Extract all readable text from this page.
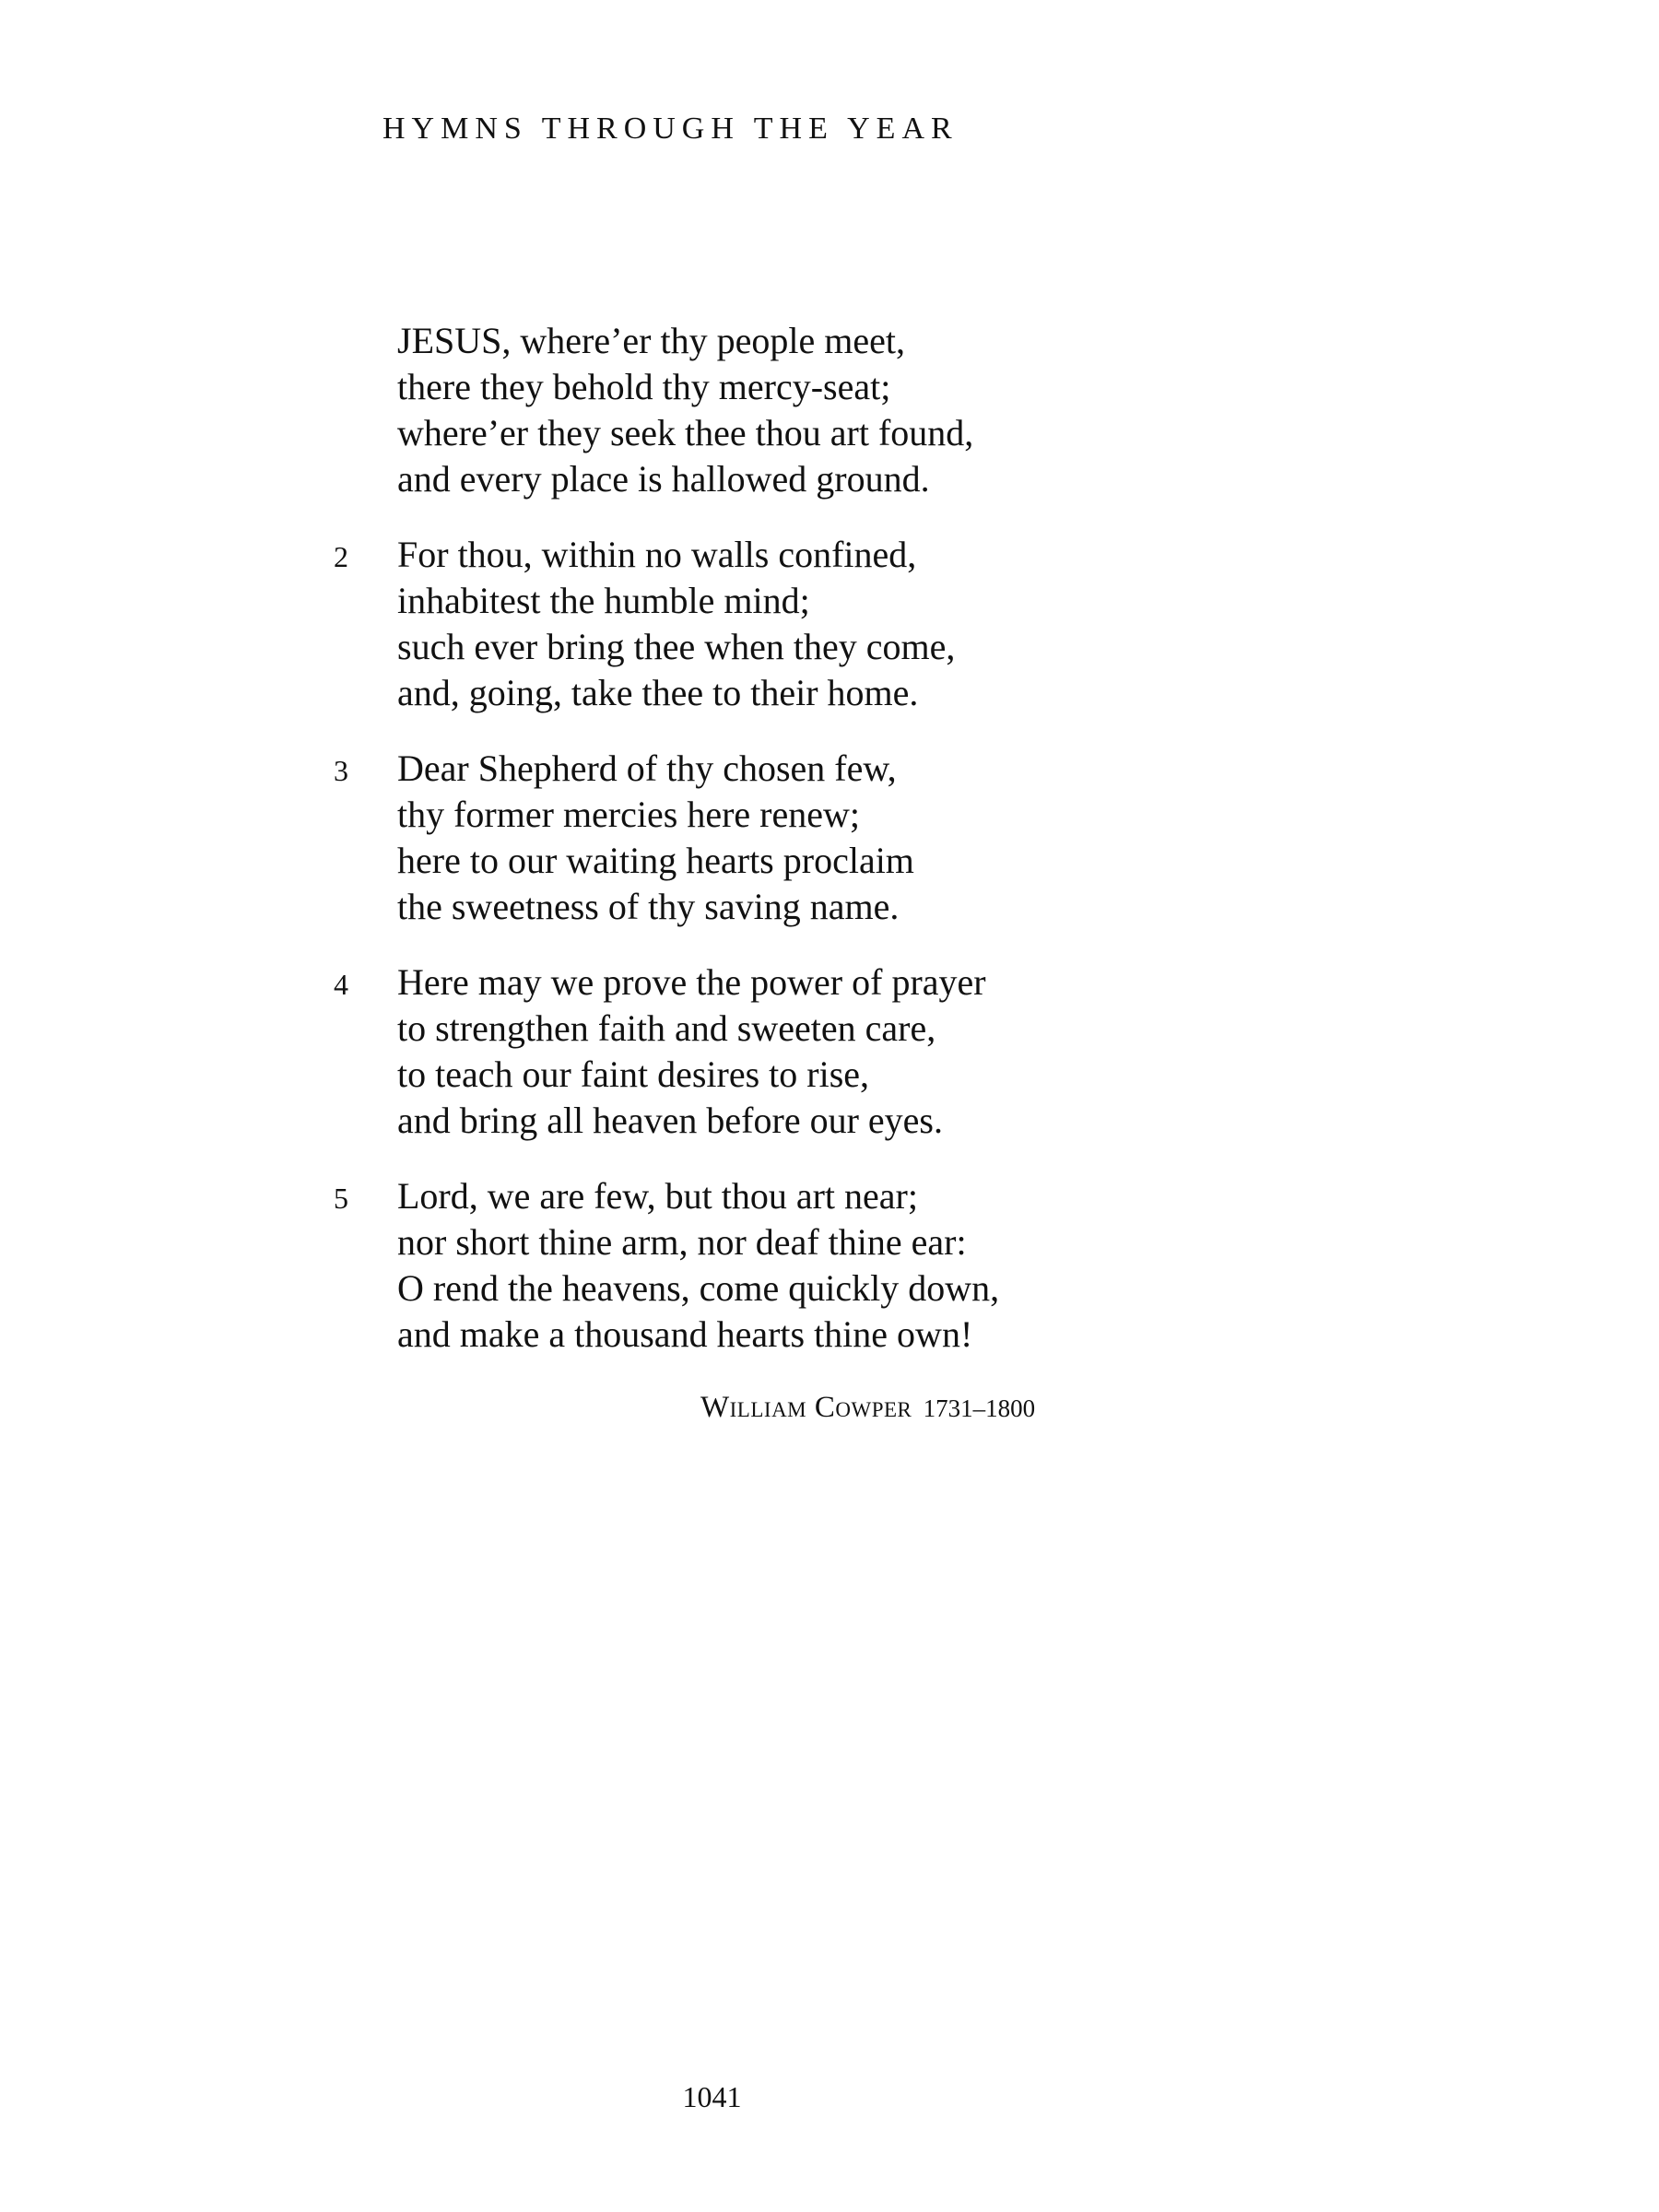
HYMNS THROUGH THE YEAR
JESUS, where’er thy people meet,
there they behold thy mercy-seat;
where’er they seek thee thou art found,
and every place is hallowed ground.
2 For thou, within no walls confined,
inhabitest the humble mind;
such ever bring thee when they come,
and, going, take thee to their home.
3 Dear Shepherd of thy chosen few,
thy former mercies here renew;
here to our waiting hearts proclaim
the sweetness of thy saving name.
4 Here may we prove the power of prayer
to strengthen faith and sweeten care,
to teach our faint desires to rise,
and bring all heaven before our eyes.
5 Lord, we are few, but thou art near;
nor short thine arm, nor deaf thine ear:
O rend the heavens, come quickly down,
and make a thousand hearts thine own!
William Cowper 1731–1800
1041
